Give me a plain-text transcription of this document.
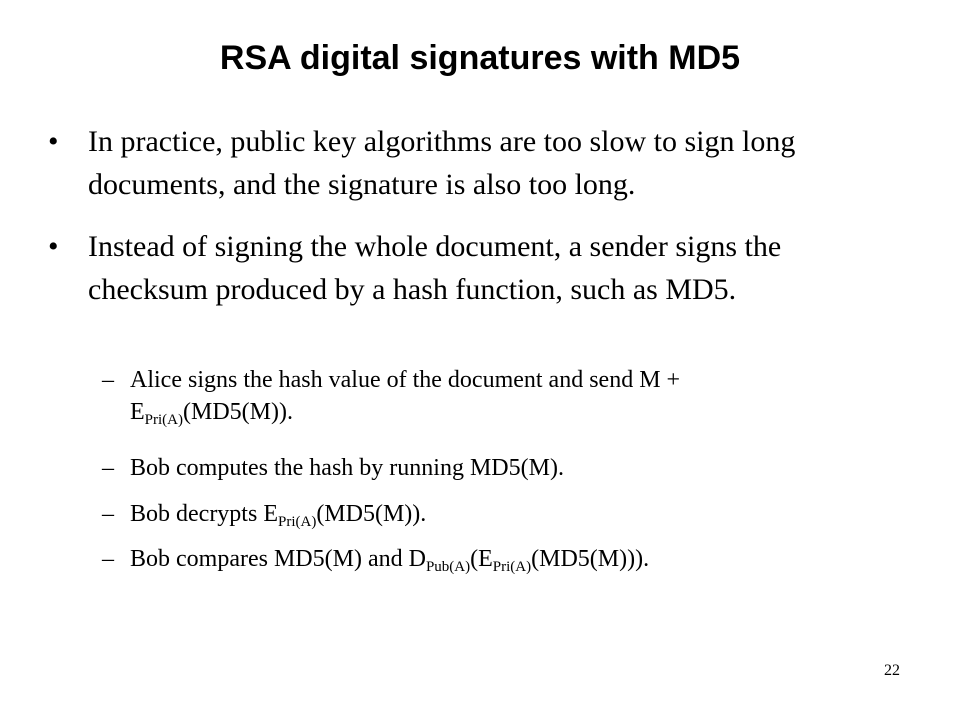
RSA digital signatures with MD5
• In practice, public key algorithms are too slow to sign long documents, and the signature is also too long.
• Instead of signing the whole document, a sender signs the checksum produced by a hash function, such as MD5.
– Alice signs the hash value of the document and send M +
$E_{Pri(A)}(MD5(M))$.
– Bob computes the hash by running MD5(M).
– Bob decrypts $E_{Pri(A)}(MD5(M))$.
– Bob compares MD5(M) and $D_{Pub(A)}(E_{Pri(A)}(MD5(M)))$.
22
